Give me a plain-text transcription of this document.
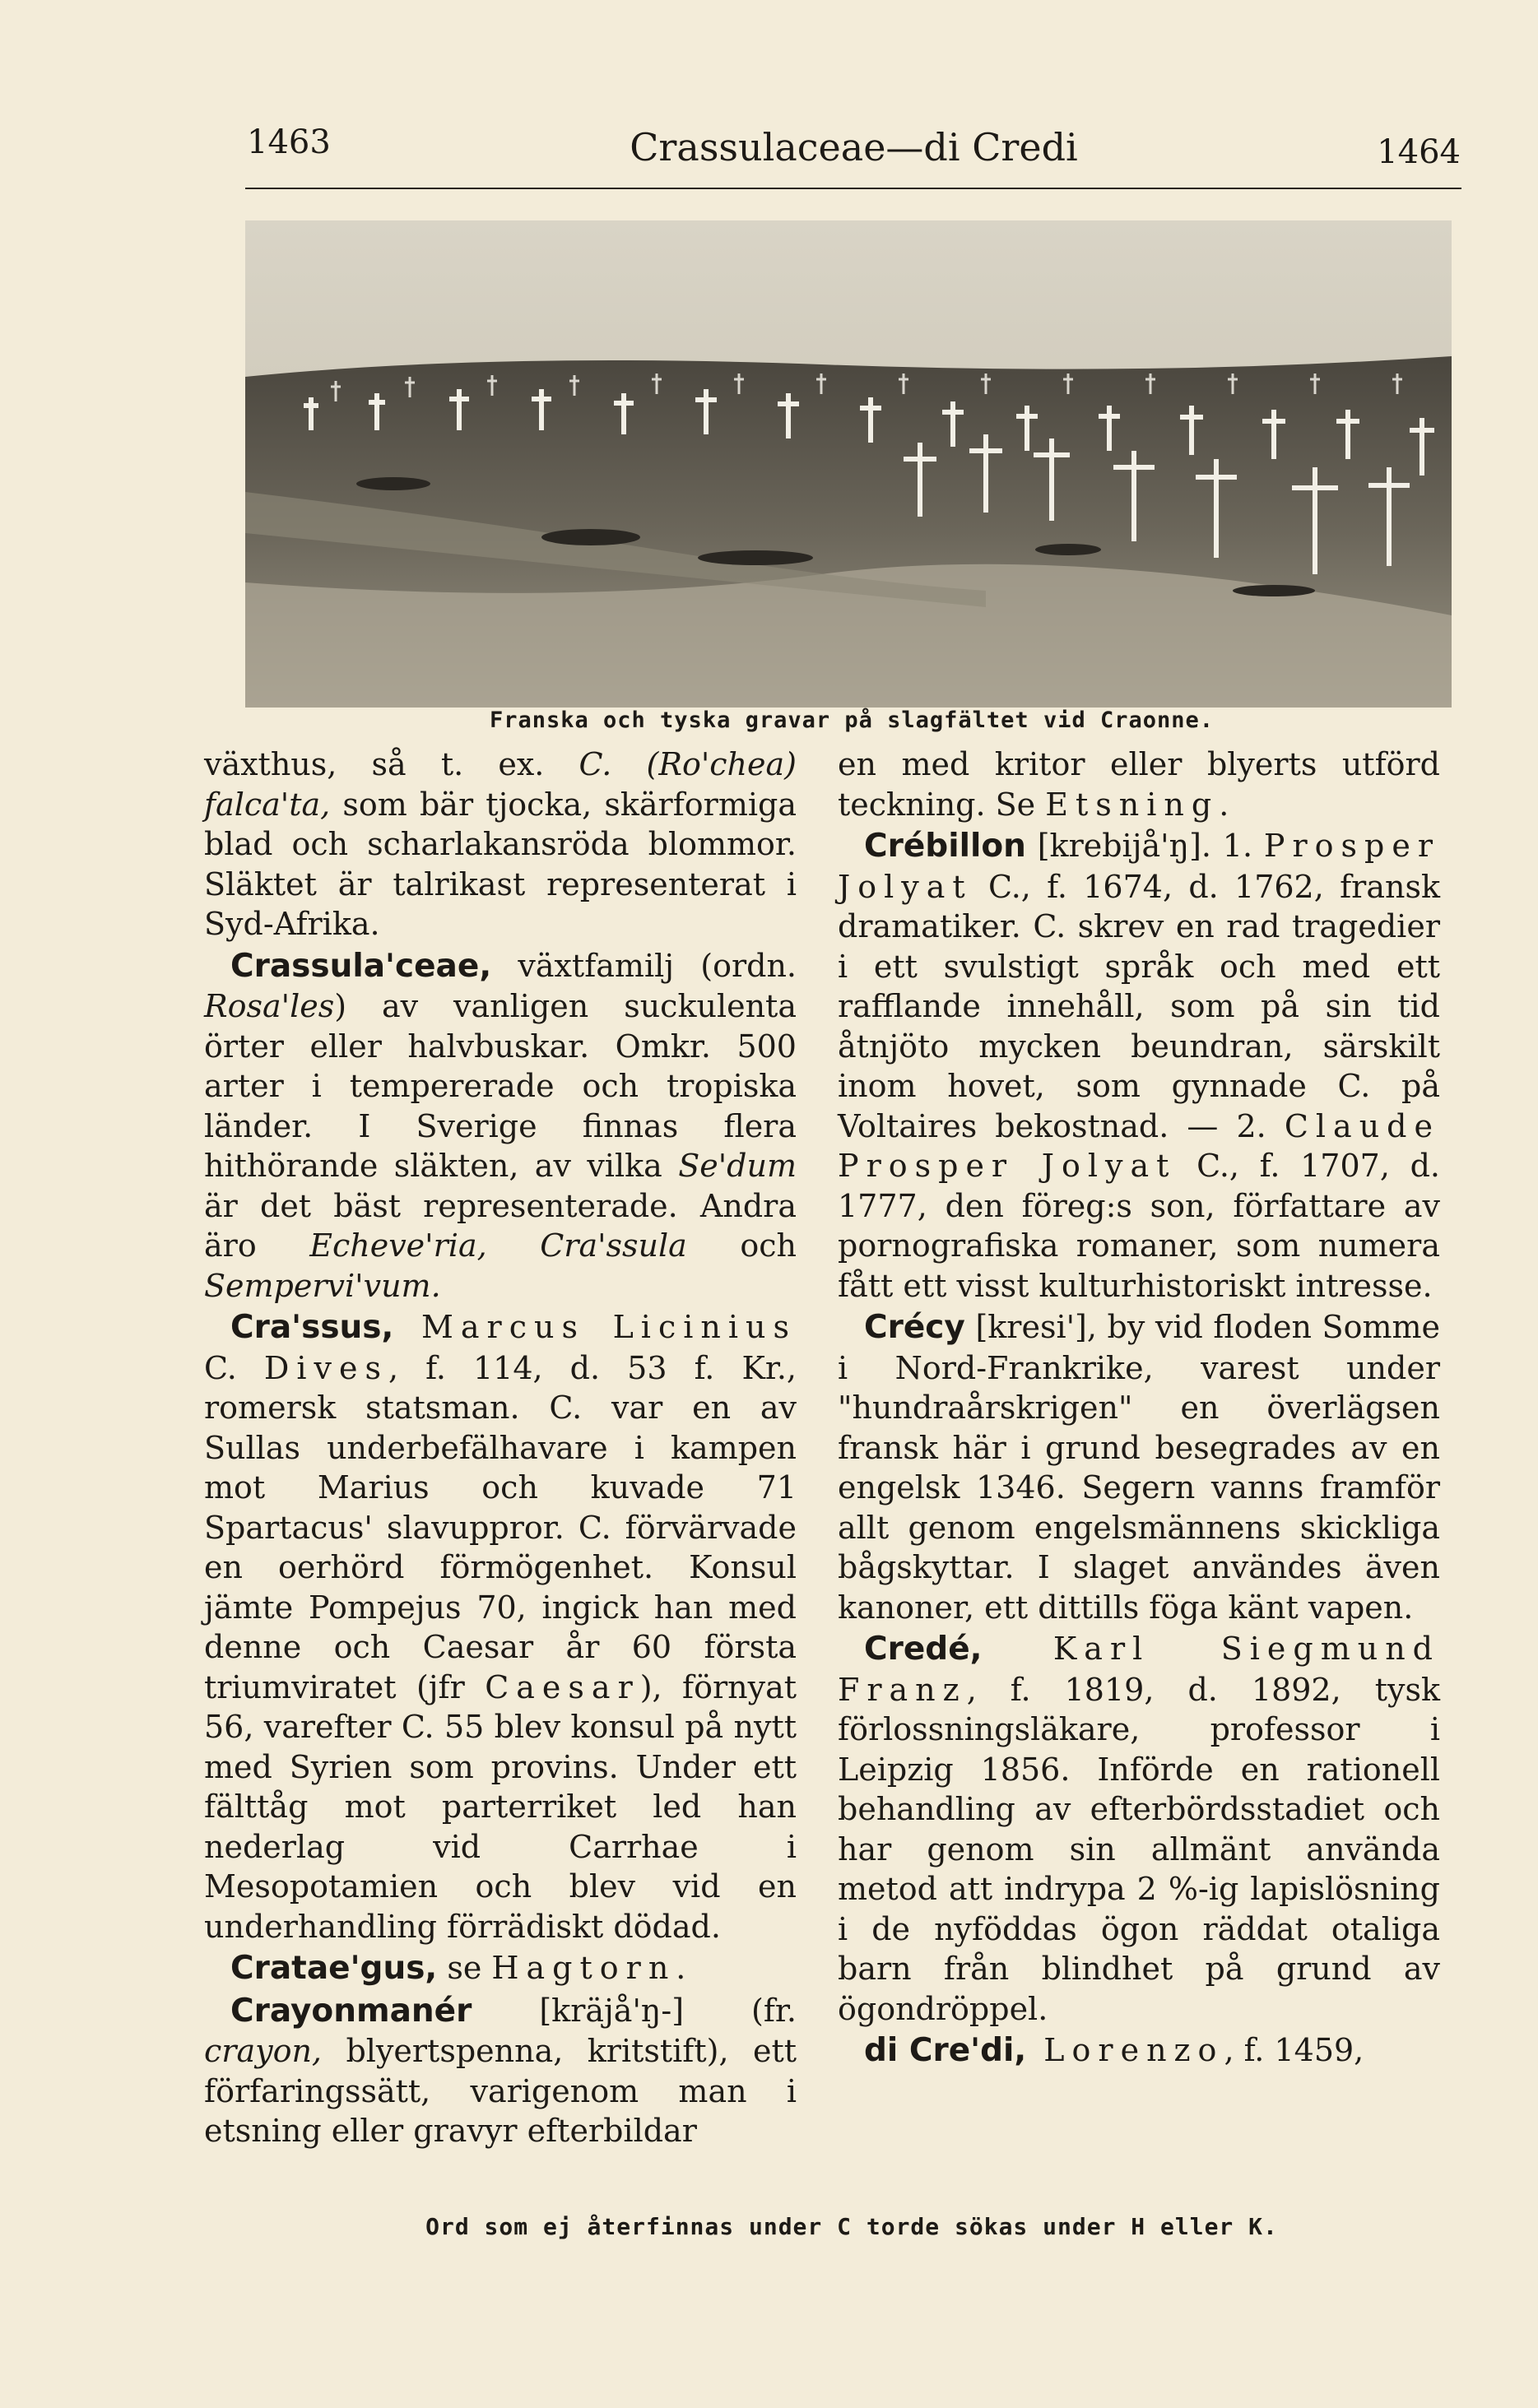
1463	Crassulaceae—di Credi	1464
Franska och tyska gravar på slagfältet vid Craonne.

växthus, så t. ex. C. (Ro'chea) falca'ta, som bär tjocka, skärformiga blad och scharlakansröda blommor. Släktet är talrikast representerat i Syd-Afrika.

Crassula'ceae, växtfamilj (ordn. Rosa'les) av vanligen suckulenta örter eller halvbuskar. Omkr. 500 arter i tempererade och tropiska länder. I Sverige finnas flera hithörande släkten, av vilka Se'dum är det bäst representerade. Andra äro Echeve'ria, Cra'ssula och Sempervi'vum.

Cra'ssus, Marcus Licinius C. Dives, f. 114, d. 53 f. Kr., romersk statsman. C. var en av Sullas underbefälhavare i kampen mot Marius och kuvade 71 Spartacus' slavuppror. C. förvärvade en oerhörd förmögenhet. Konsul jämte Pompejus 70, ingick han med denne och Caesar år 60 första triumviratet (jfr Caesar), förnyat 56, varefter C. 55 blev konsul på nytt med Syrien som provins. Under ett fälttåg mot parterriket led han nederlag vid Carrhae i Mesopotamien och blev vid en underhandling förrädiskt dödad.

Cratae'gus, se Hagtorn.

Crayonmanér [kräjå'ŋ-] (fr. crayon, blyertspenna, kritstift), ett förfaringssätt, varigenom man i etsning eller gravyr efterbildar

en med kritor eller blyerts utförd teckning. Se Etsning.

Crébillon [krebijå'ŋ]. 1. Prosper Jolyat C., f. 1674, d. 1762, fransk dramatiker. C. skrev en rad tragedier i ett svulstigt språk och med ett rafflande innehåll, som på sin tid åtnjöto mycken beundran, särskilt inom hovet, som gynnade C. på Voltaires bekostnad. — 2. Claude Prosper Jolyat C., f. 1707, d. 1777, den föreg:s son, författare av pornografiska romaner, som numera fått ett visst kulturhistoriskt intresse.

Crécy [kresi'], by vid floden Somme i Nord-Frankrike, varest under "hundraårskrigen" en överlägsen fransk här i grund besegrades av en engelsk 1346. Segern vanns framför allt genom engelsmännens skickliga bågskyttar. I slaget användes även kanoner, ett dittills föga känt vapen.

Credé, Karl Siegmund Franz, f. 1819, d. 1892, tysk förlossningsläkare, professor i Leipzig 1856. Införde en rationell behandling av efterbördsstadiet och har genom sin allmänt använda metod att indrypa 2 %-ig lapislösning i de nyföddas ögon räddat otaliga barn från blindhet på grund av ögondröppel.

di Cre'di, Lorenzo, f. 1459,

Ord som ej återfinnas under C torde sökas under H eller K.
